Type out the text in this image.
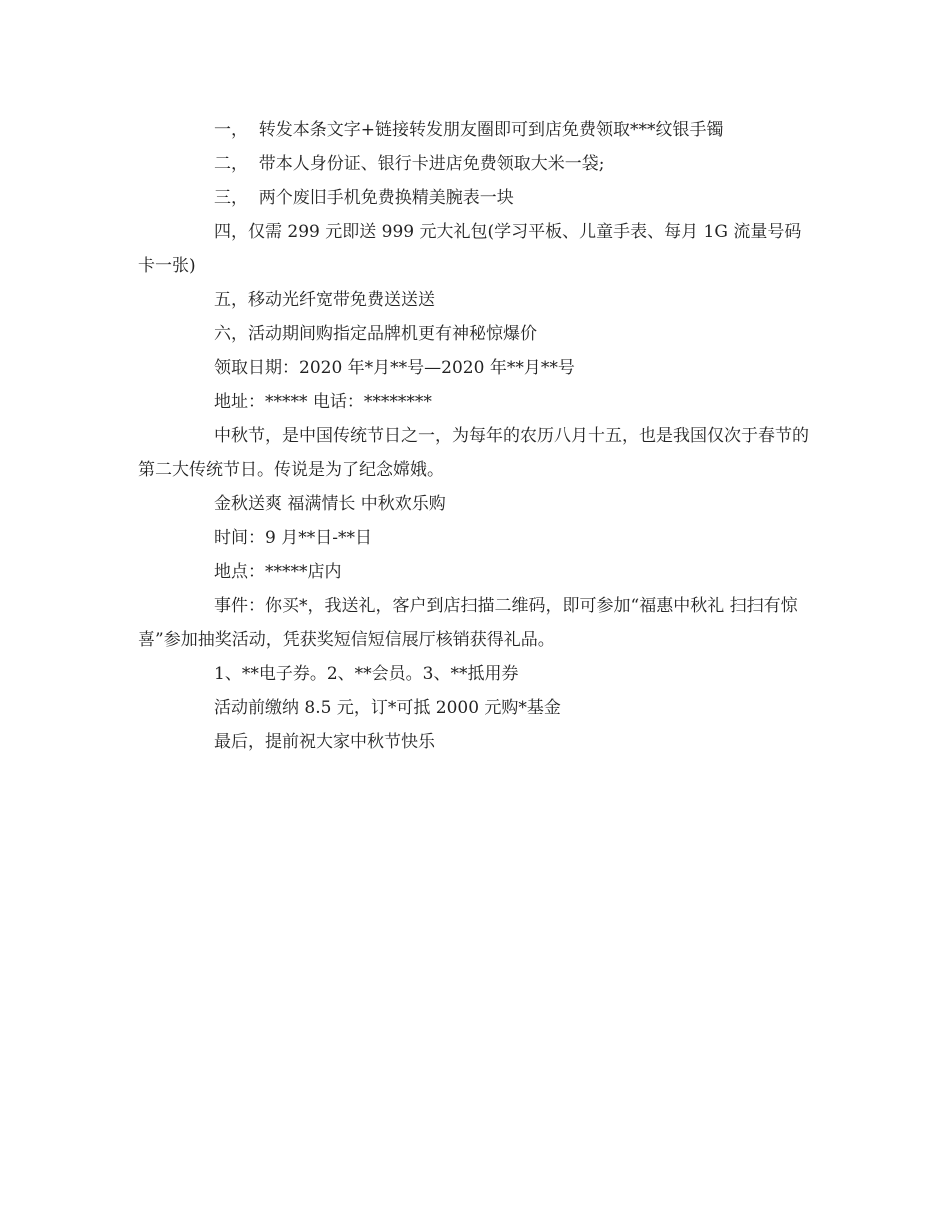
一，  转发本条文字+链接转发朋友圈即可到店免费领取***纹银手镯

二，  带本人身份证、银行卡进店免费领取大米一袋;

三，  两个废旧手机免费换精美腕表一块

四，仅需 299 元即送 999 元大礼包(学习平板、儿童手表、每月 1G 流量号码卡一张)

五，移动光纤宽带免费送送送

六，活动期间购指定品牌机更有神秘惊爆价

领取日期：2020 年*月**号—2020 年**月**号

地址：***** 电话：********

中秋节，是中国传统节日之一，为每年的农历八月十五，也是我国仅次于春节的第二大传统节日。传说是为了纪念嫦娥。

金秋送爽 福满情长 中秋欢乐购

时间：9 月**日-**日

地点：*****店内

事件：你买*，我送礼，客户到店扫描二维码，即可参加“福惠中秋礼 扫扫有惊喜”参加抽奖活动，凭获奖短信短信展厅核销获得礼品。

1、**电子券。2、**会员。3、**抵用券

活动前缴纳 8.5 元，订*可抵 2000 元购*基金

最后，提前祝大家中秋节快乐
